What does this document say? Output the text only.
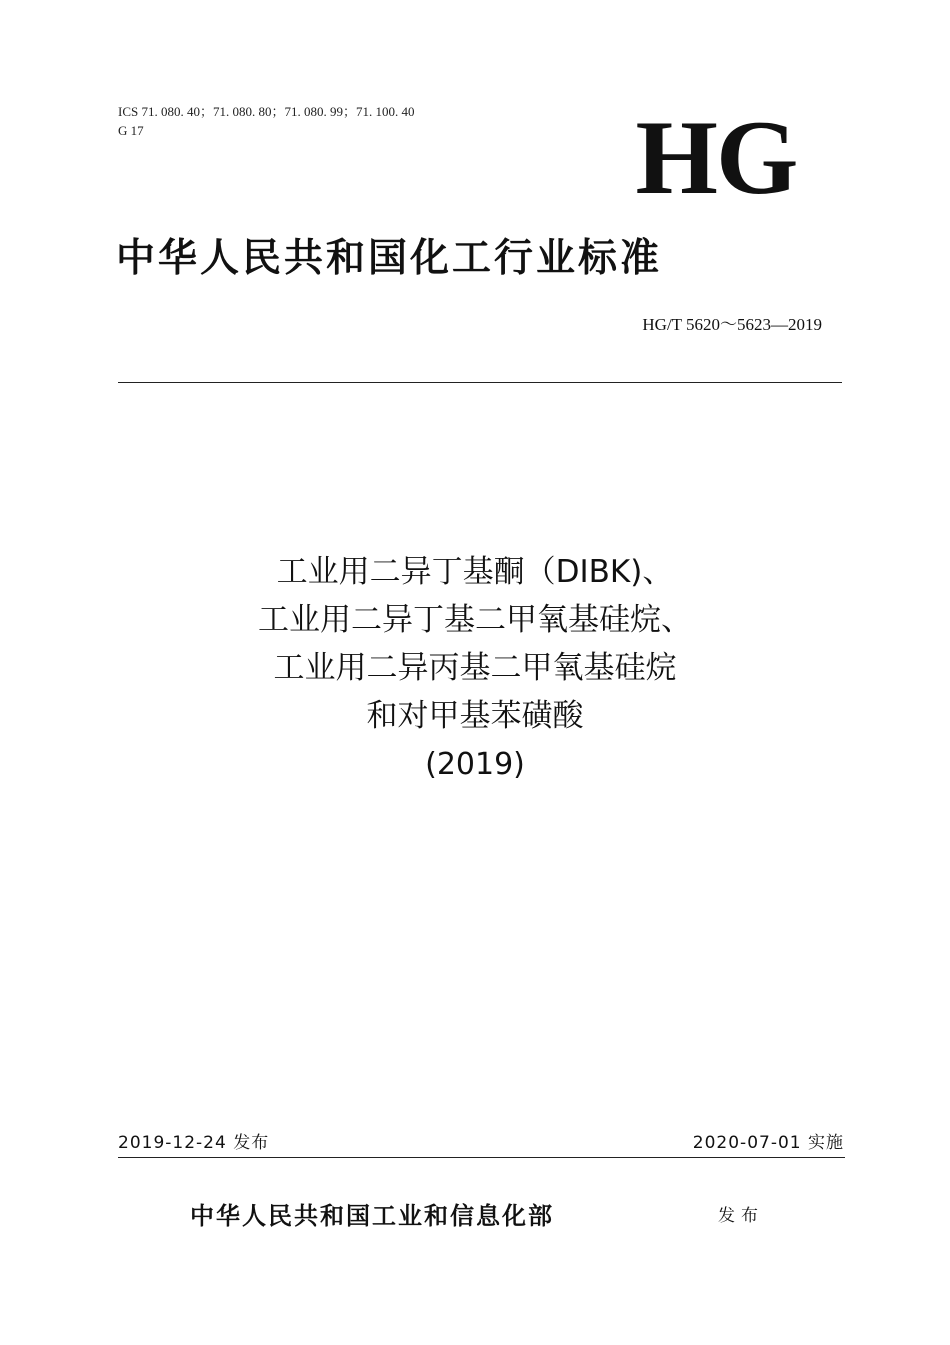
ICS 71. 080. 40；71. 080. 80；71. 080. 99；71. 100. 40
G 17	HG
中华人民共和国化工行业标准
HG/T 5620～5623—2019
工业用二异丁基酮（DIBK)、
工业用二异丁基二甲氧基硅烷、
工业用二异丙基二甲氧基硅烷
和对甲基苯磺酸
(2019)
2019-12-24 发布	2020-07-01 实施
中华人民共和国工业和信息化部	发布
